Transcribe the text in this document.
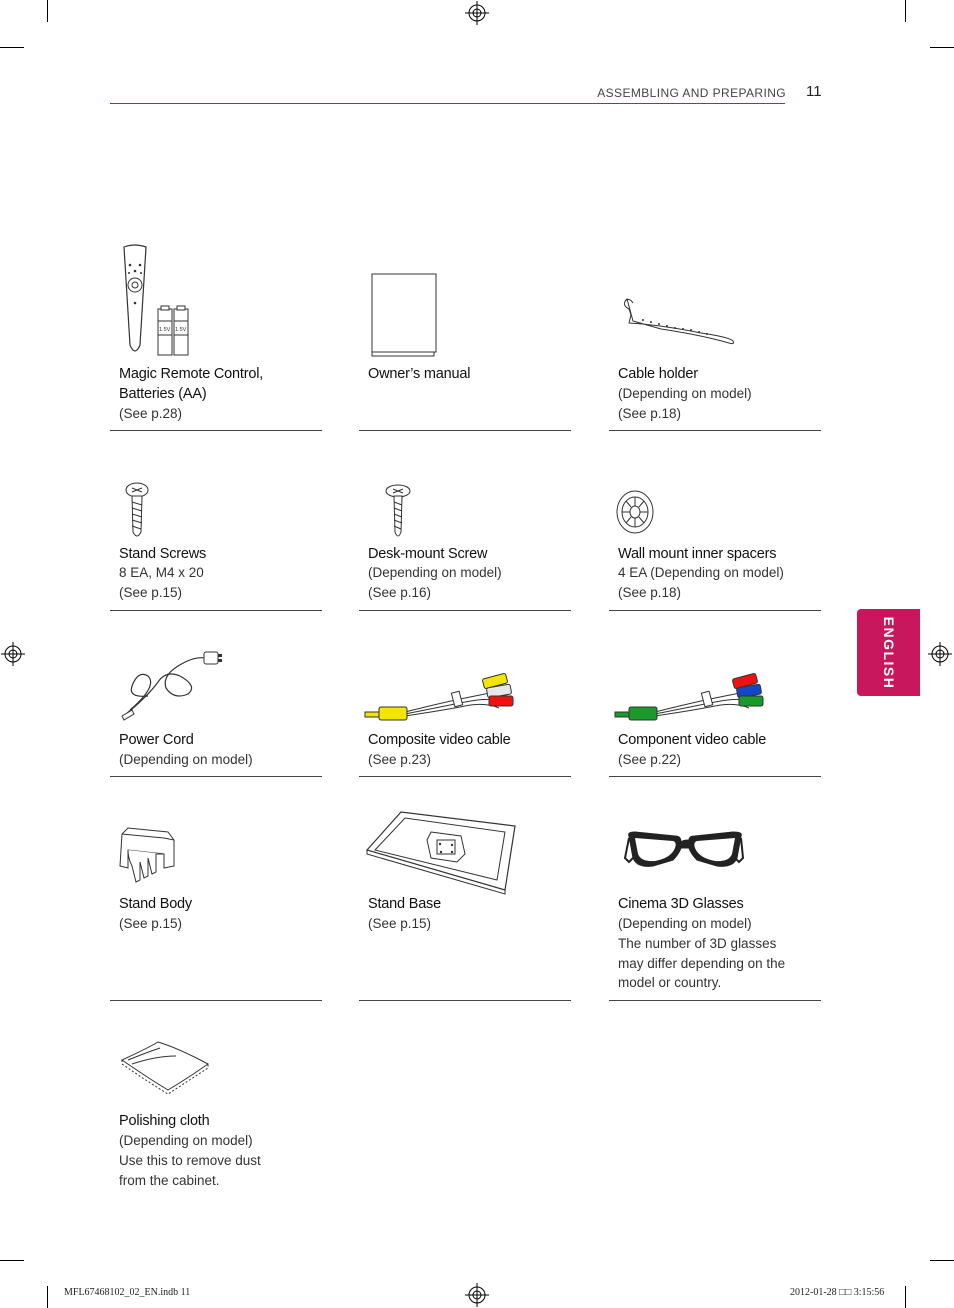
ASSEMBLING AND PREPARING 11
ENGLISH
1.5V 1.5V
Magic Remote Control,
Batteries (AA)
(See p.28)
Owner’s manual	Cable holder
(Depending on model)
(See p.18)
Stand Screws
8 EA, M4 x 20
(See p.15)
Desk-mount Screw
(Depending on model)
(See p.16)
Wall mount inner spacers
4 EA (Depending on model)
(See p.18)
Power Cord
(Depending on model)
Composite video cable
(See p.23)
Component video cable
(See p.22)
Stand Body
(See p.15)
Stand Base
(See p.15)
Cinema 3D Glasses
(Depending on model)
The number of 3D glasses
may differ depending on the
model or country.
Polishing cloth
(Depending on model)
Use this to remove dust
from the cabinet.
MFL67468102_02_EN.indb 11	2012-01-28 □□ 3:15:56
